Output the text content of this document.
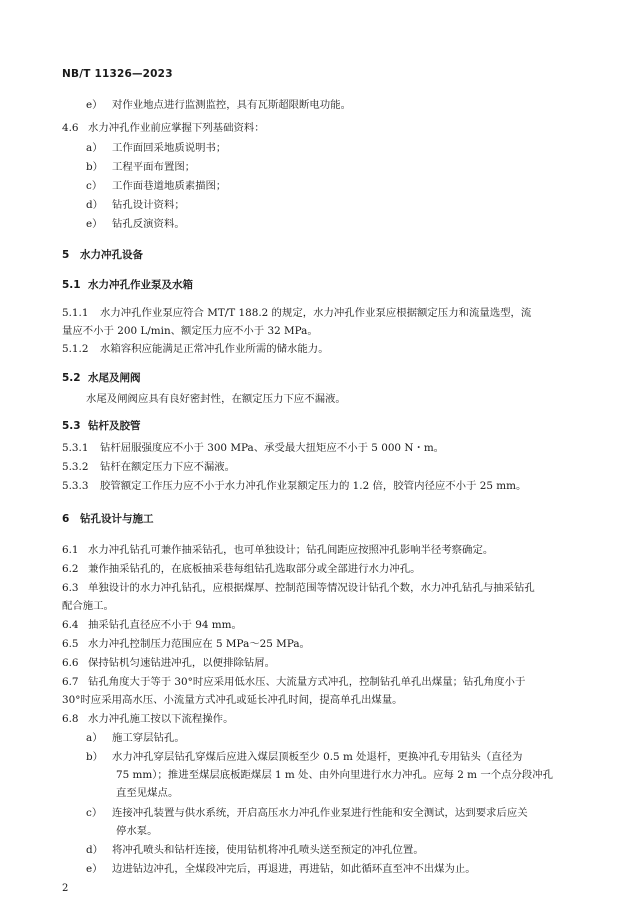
NB/T 11326—2023
e） 对作业地点进行监测监控，具有瓦斯超限断电功能。
4.6 水力冲孔作业前应掌握下列基础资料：
a） 工作面回采地质说明书；
b） 工程平面布置图；
c） 工作面巷道地质素描图；
d） 钻孔设计资料；
e） 钻孔反演资料。
5 水力冲孔设备
5.1 水力冲孔作业泵及水箱
5.1.1 水力冲孔作业泵应符合 MT/T 188.2 的规定，水力冲孔作业泵应根据额定压力和流量选型，流
量应不小于 200 L/min、额定压力应不小于 32 MPa。
5.1.2 水箱容积应能满足正常冲孔作业所需的储水能力。
5.2 水尾及闸阀
水尾及闸阀应具有良好密封性，在额定压力下应不漏液。
5.3 钻杆及胶管
5.3.1 钻杆屈服强度应不小于 300 MPa、承受最大扭矩应不小于 5 000 N・m。
5.3.2 钻杆在额定压力下应不漏液。
5.3.3 胶管额定工作压力应不小于水力冲孔作业泵额定压力的 1.2 倍，胶管内径应不小于 25 mm。
6 钻孔设计与施工
6.1 水力冲孔钻孔可兼作抽采钻孔，也可单独设计；钻孔间距应按照冲孔影响半径考察确定。
6.2 兼作抽采钻孔的，在底板抽采巷每组钻孔选取部分或全部进行水力冲孔。
6.3 单独设计的水力冲孔钻孔，应根据煤厚、控制范围等情况设计钻孔个数，水力冲孔钻孔与抽采钻孔
配合施工。
6.4 抽采钻孔直径应不小于 94 mm。
6.5 水力冲孔控制压力范围应在 5 MPa～25 MPa。
6.6 保持钻机匀速钻进冲孔，以便排除钻屑。
6.7 钻孔角度大于等于 30°时应采用低水压、大流量方式冲孔，控制钻孔单孔出煤量；钻孔角度小于
30°时应采用高水压、小流量方式冲孔或延长冲孔时间，提高单孔出煤量。
6.8 水力冲孔施工按以下流程操作。
a） 施工穿层钻孔。
b） 水力冲孔穿层钻孔穿煤后应进入煤层顶板至少 0.5 m 处退杆，更换冲孔专用钻头（直径为
75 mm）；推进至煤层底板距煤层 1 m 处、由外向里进行水力冲孔。应每 2 m 一个点分段冲孔
直至见煤点。
c） 连接冲孔装置与供水系统，开启高压水力冲孔作业泵进行性能和安全测试，达到要求后应关
停水泵。
d） 将冲孔喷头和钻杆连接，使用钻机将冲孔喷头送至预定的冲孔位置。
e） 边进钻边冲孔，全煤段冲完后，再退进，再进钻，如此循环直至冲不出煤为止。
2
